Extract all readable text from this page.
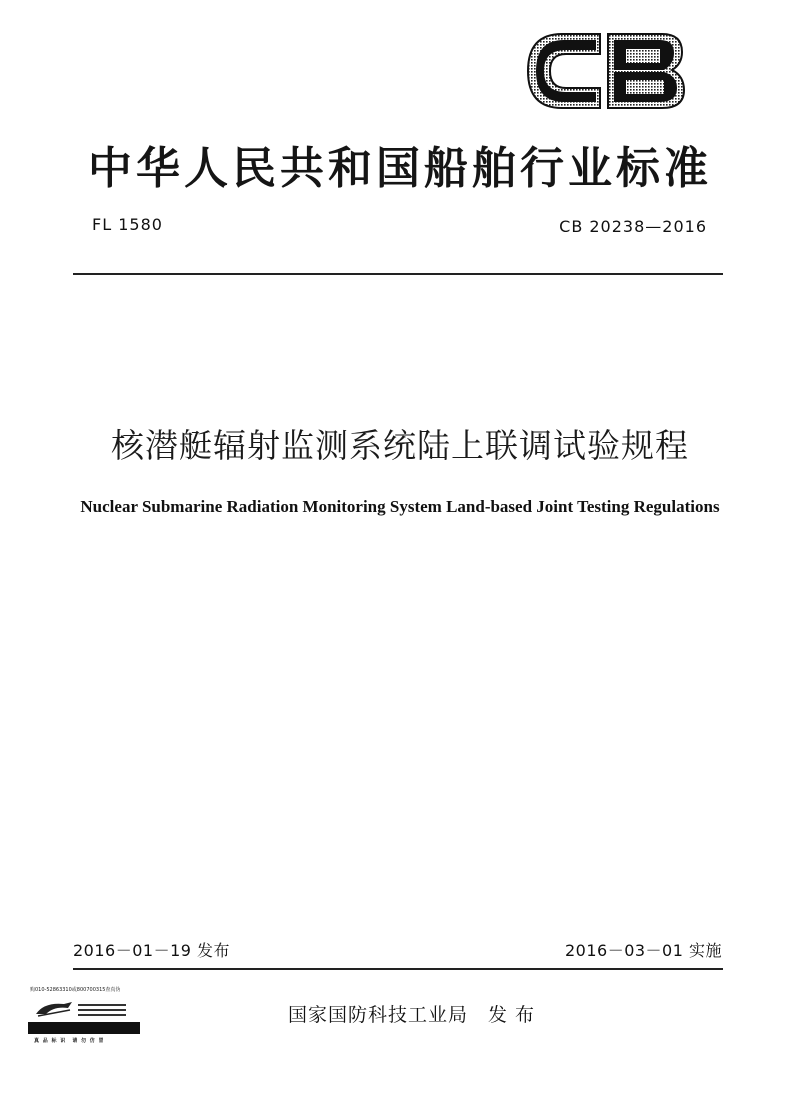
中华人民共和国船舶行业标准
FL 1580	CB 20238—2016
核潜艇辐射监测系统陆上联调试验规程
Nuclear Submarine Radiation Monitoring System Land-based Joint Testing Regulations
2016－01－19 发布	2016－03－01 实施
国家国防科技工业局　发 布
购010-52863310或800700315查真伪
真 品 标 识　请 勿 仿 冒
